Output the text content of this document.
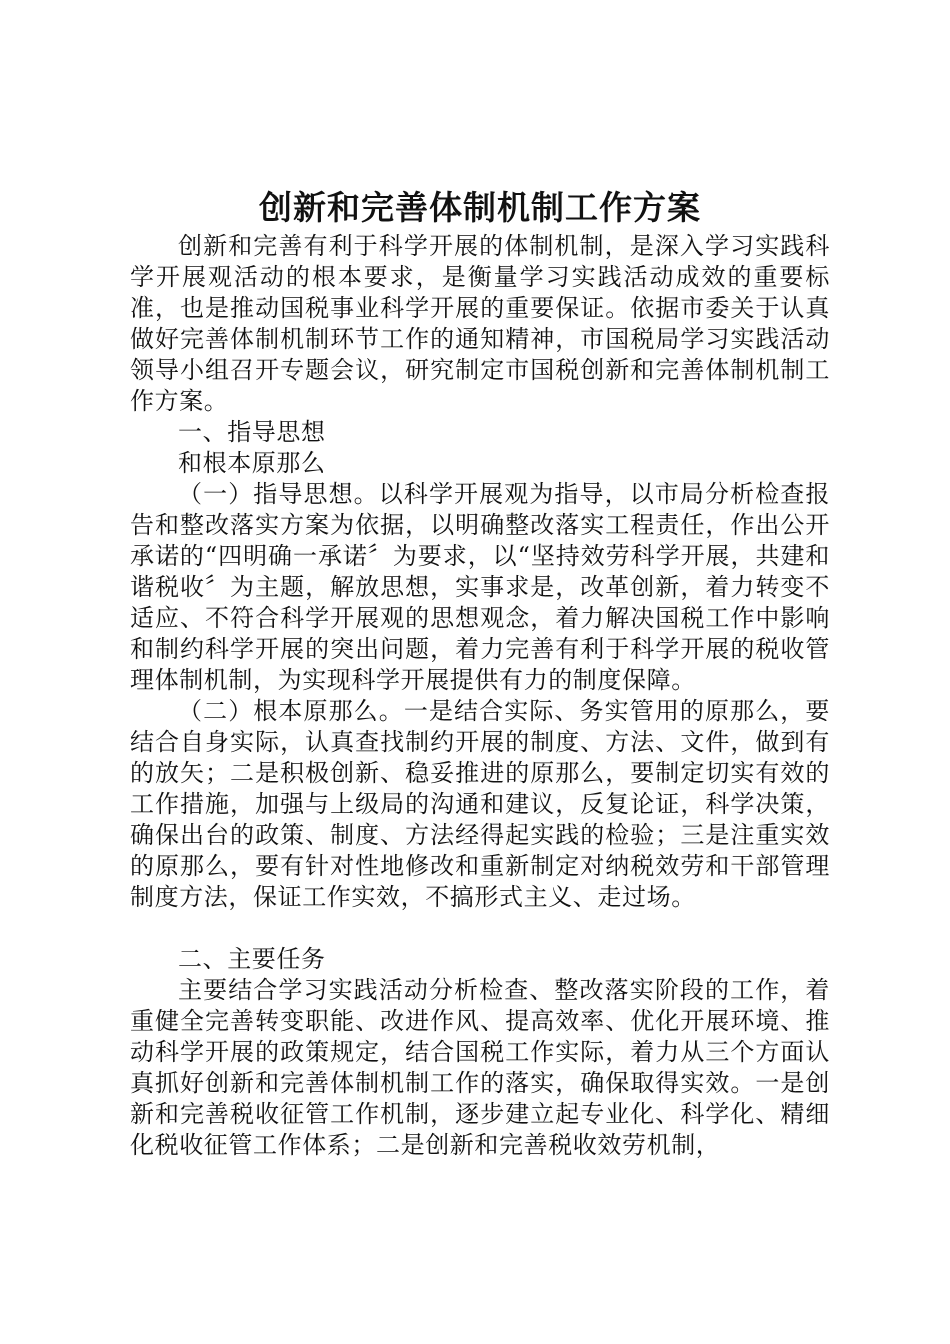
创新和完善体制机制工作方案

创新和完善有利于科学开展的体制机制，是深入学习实践科学开展观活动的根本要求，是衡量学习实践活动成效的重要标准，也是推动国税事业科学开展的重要保证。依据市委关于认真做好完善体制机制环节工作的通知精神，市国税局学习实践活动领导小组召开专题会议，研究制定市国税创新和完善体制机制工作方案。

一、指导思想

和根本原那么

（一）指导思想。以科学开展观为指导，以市局分析检查报告和整改落实方案为依据，以明确整改落实工程责任，作出公开承诺的“四明确一承诺〞为要求，以“坚持效劳科学开展，共建和谐税收〞为主题，解放思想，实事求是，改革创新，着力转变不适应、不符合科学开展观的思想观念，着力解决国税工作中影响和制约科学开展的突出问题，着力完善有利于科学开展的税收管理体制机制，为实现科学开展提供有力的制度保障。

（二）根本原那么。一是结合实际、务实管用的原那么，要结合自身实际，认真查找制约开展的制度、方法、文件，做到有的放矢；二是积极创新、稳妥推进的原那么，要制定切实有效的工作措施，加强与上级局的沟通和建议，反复论证，科学决策，确保出台的政策、制度、方法经得起实践的检验；三是注重实效的原那么，要有针对性地修改和重新制定对纳税效劳和干部管理制度方法，保证工作实效，不搞形式主义、走过场。

二、主要任务

主要结合学习实践活动分析检查、整改落实阶段的工作，着重健全完善转变职能、改进作风、提高效率、优化开展环境、推动科学开展的政策规定，结合国税工作实际，着力从三个方面认真抓好创新和完善体制机制工作的落实，确保取得实效。一是创新和完善税收征管工作机制，逐步建立起专业化、科学化、精细化税收征管工作体系；二是创新和完善税收效劳机制，
